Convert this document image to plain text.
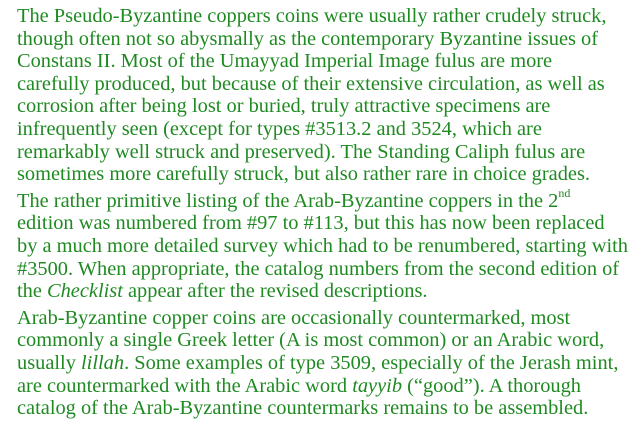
The Pseudo-Byzantine coppers coins were usually rather crudely struck, though often not so abysmally as the contemporary Byzantine issues of Constans II. Most of the Umayyad Imperial Image fulus are more carefully produced, but because of their extensive circulation, as well as corrosion after being lost or buried, truly attractive specimens are infrequently seen (except for types #3513.2 and 3524, which are remarkably well struck and preserved). The Standing Caliph fulus are sometimes more carefully struck, but also rather rare in choice grades.

The rather primitive listing of the Arab-Byzantine coppers in the 2nd edition was numbered from #97 to #113, but this has now been replaced by a much more detailed survey which had to be renumbered, starting with #3500. When appropriate, the catalog numbers from the second edition of the Checklist appear after the revised descriptions.

Arab-Byzantine copper coins are occasionally countermarked, most commonly a single Greek letter (A is most common) or an Arabic word, usually lillah. Some examples of type 3509, especially of the Jerash mint, are countermarked with the Arabic word tayyib (“good”). A thorough catalog of the Arab-Byzantine countermarks remains to be assembled.
